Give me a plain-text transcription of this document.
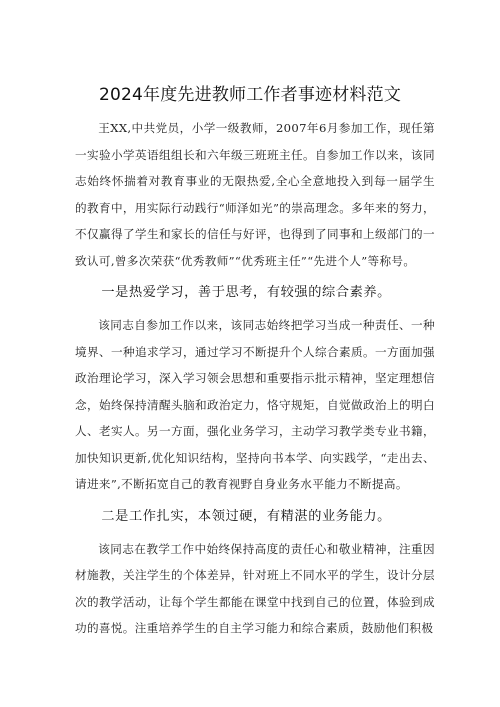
2024年度先进教师工作者事迹材料范文

王XX,中共党员，小学一级教师，2007年6月参加工作，现任第一实验小学英语组组长和六年级三班班主任。自参加工作以来，该同志始终怀揣着对教育事业的无限热爱,全心全意地投入到每一届学生的教育中，用实际行动践行“师泽如光”的崇高理念。多年来的努力，不仅赢得了学生和家长的信任与好评，也得到了同事和上级部门的一致认可,曾多次荣获“优秀教师”“优秀班主任”“先进个人”等称号。

一是热爱学习，善于思考，有较强的综合素养。

该同志自参加工作以来，该同志始终把学习当成一种责任、一种境界、一种追求学习，通过学习不断提升个人综合素质。一方面加强政治理论学习，深入学习领会思想和重要指示批示精神，坚定理想信念，始终保持清醒头脑和政治定力，恪守规矩，自觉做政治上的明白人、老实人。另一方面，强化业务学习，主动学习教学类专业书籍，加快知识更新,优化知识结构，坚持向书本学、向实践学，“走出去、请进来”,不断拓宽自己的教育视野自身业务水平能力不断提高。

二是工作扎实，本领过硬，有精湛的业务能力。

该同志在教学工作中始终保持高度的责任心和敬业精神，注重因材施教，关注学生的个体差异，针对班上不同水平的学生，设计分层次的教学活动，让每个学生都能在课堂中找到自己的位置，体验到成功的喜悦。注重培养学生的自主学习能力和综合素质，鼓励他们积极
